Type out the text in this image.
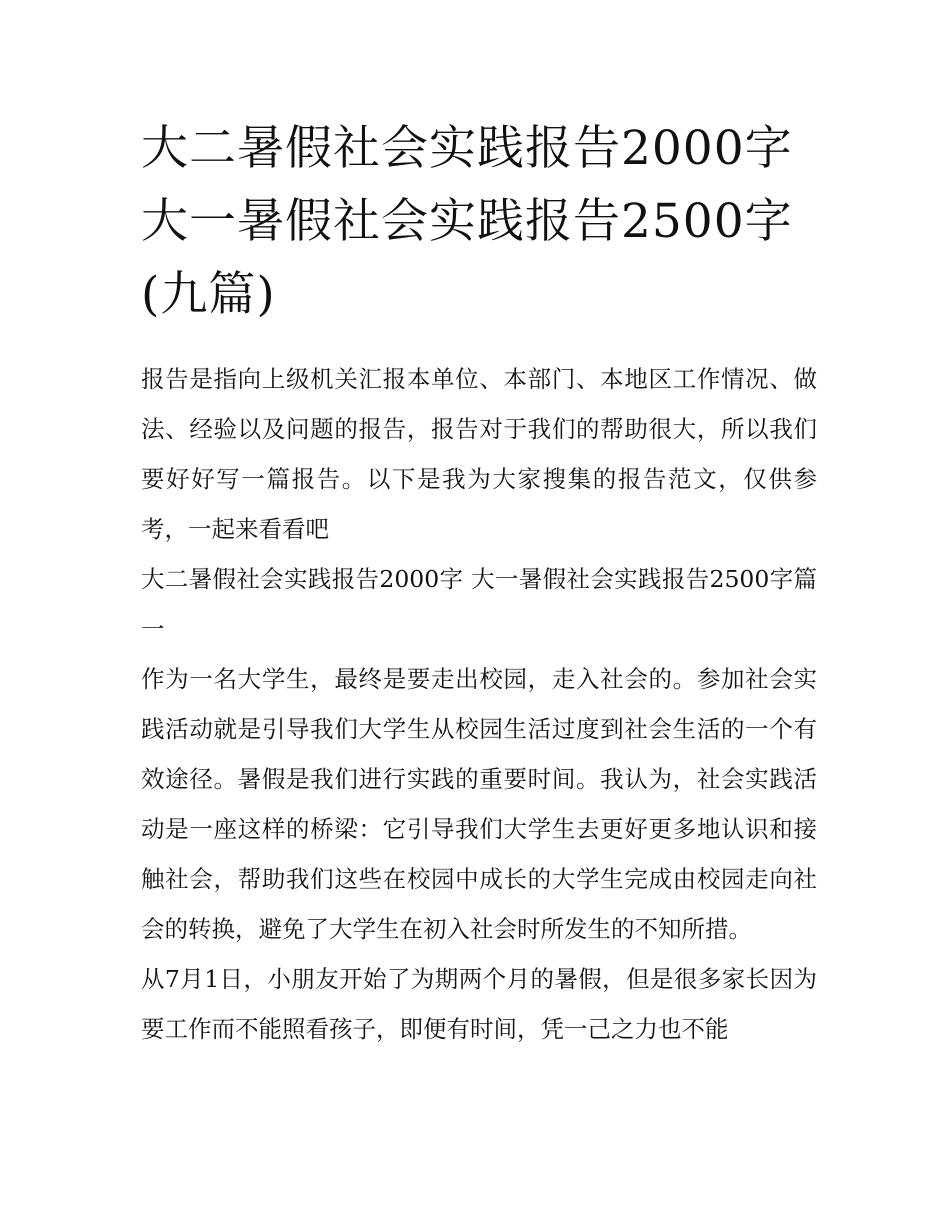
大二暑假社会实践报告2000字 大一暑假社会实践报告2500字(九篇)

报告是指向上级机关汇报本单位、本部门、本地区工作情况、做法、经验以及问题的报告，报告对于我们的帮助很大，所以我们要好好写一篇报告。以下是我为大家搜集的报告范文，仅供参考，一起来看看吧

大二暑假社会实践报告2000字 大一暑假社会实践报告2500字篇一

作为一名大学生，最终是要走出校园，走入社会的。参加社会实践活动就是引导我们大学生从校园生活过度到社会生活的一个有效途径。暑假是我们进行实践的重要时间。我认为，社会实践活动是一座这样的桥梁：它引导我们大学生去更好更多地认识和接触社会，帮助我们这些在校园中成长的大学生完成由校园走向社会的转换，避免了大学生在初入社会时所发生的不知所措。

从7月1日，小朋友开始了为期两个月的暑假，但是很多家长因为要工作而不能照看孩子，即便有时间，凭一己之力也不能
